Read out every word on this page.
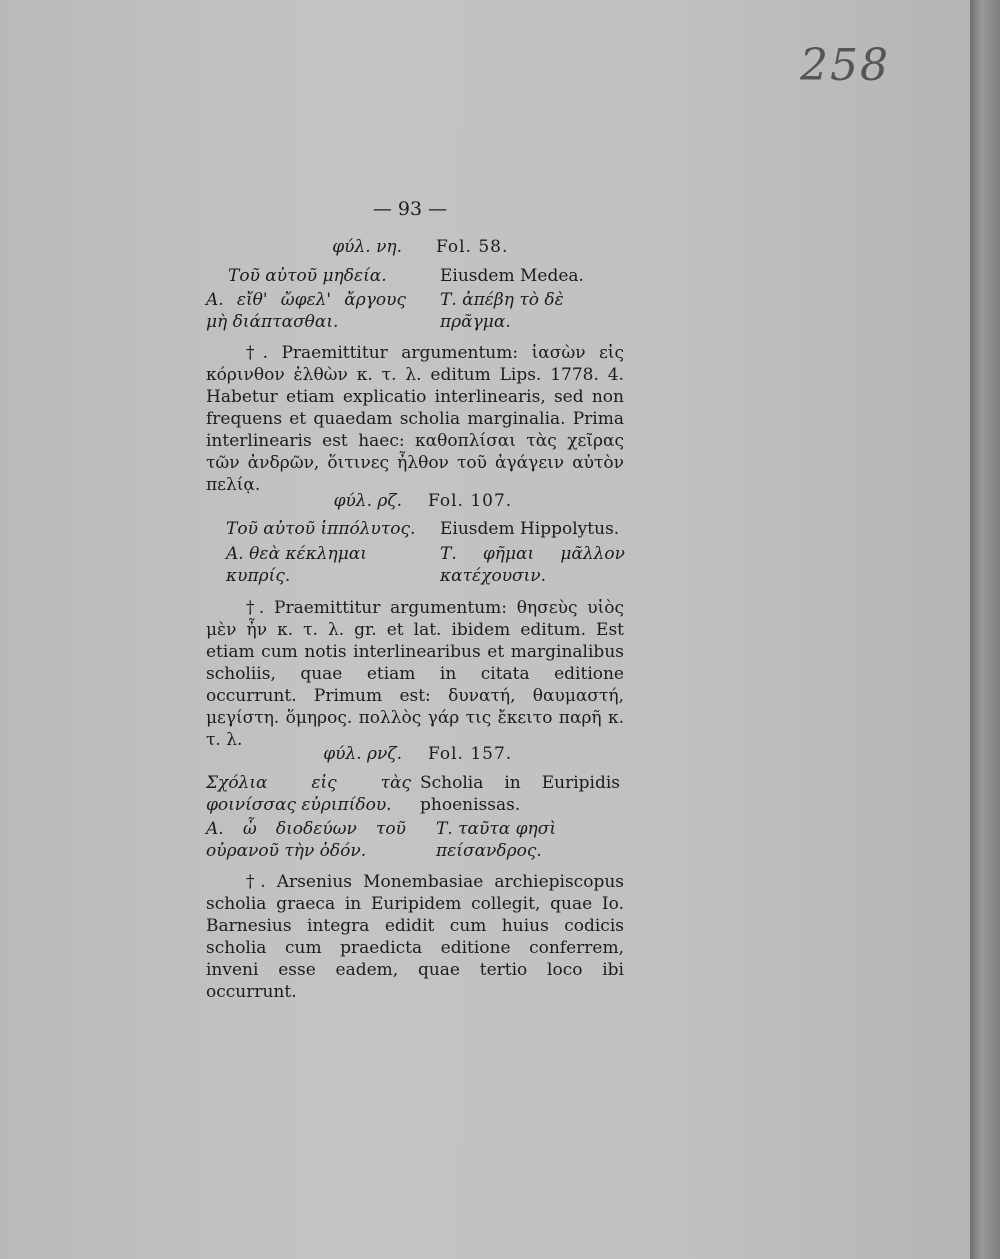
258
— 93 —
φύλ. νη. Fol. 58.
Τοῦ αὐτοῦ μηδεία.	Eiusdem Medea.
Α. εἴθ' ὤφελ' ἄργους μὴ διάπτασθαι.
Τ. ἀπέβη τὸ δὲ πρᾶγμα.
†. Praemittitur argumentum: ἰασὼν εἰς κόρινθον ἐλθὼν κ. τ. λ. editum Lips. 1778. 4. Habetur etiam explicatio interlinearis, sed non frequens et quaedam scholia marginalia. Prima interlinearis est haec: καθοπλίσαι τὰς χεῖρας τῶν ἀνδρῶν, ὅιτινες ἦλθον τοῦ ἀγάγειν αὐτὸν πελίᾳ.
φύλ. ρζ. Fol. 107.
Τοῦ αὐτοῦ ἱππόλυτος. Eiusdem Hippolytus.
Α. θεὰ κέκλημαι κυπρίς.
Τ. φῆμαι μᾶλλον κατέχουσιν.
†. Praemittitur argumentum: θησεὺς υἱὸς μὲν ἦν κ. τ. λ. gr. et lat. ibidem editum. Est etiam cum notis interlinearibus et marginalibus scholiis, quae etiam in citata editione occurrunt. Primum est: δυνατή, θαυμαστή, μεγίστη. ὅμηρος. πολλὸς γάρ τις ἔκειτο παρῆ κ. τ. λ.
φύλ. ρνζ. Fol. 157.
Σχόλια εἰς τὰς φοινίσσας εὐριπίδου.
Scholia in Euripidis phoenissas.
Α. ὦ διοδεύων τοῦ οὐρανοῦ τὴν ὁδόν.
Τ. ταῦτα φησὶ πείσανδρος.
†. Arsenius Monembasiae archiepiscopus scholia graeca in Euripidem collegit, quae Io. Barnesius integra edidit cum huius codicis scholia cum praedicta editione conferrem, inveni esse eadem, quae tertio loco ibi occurrunt.
